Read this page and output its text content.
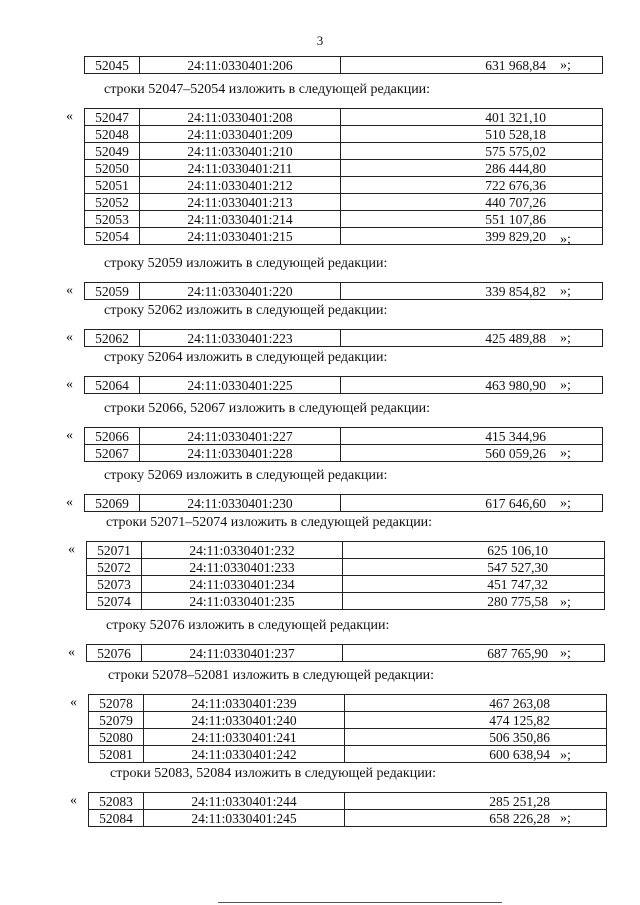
3
52045	24:11:0330401:206	631 968,84 »;
строки 52047–52054 изложить в следующей редакции:
52047	24:11:0330401:208	401 321,10
52048	24:11:0330401:209	510 528,18
52049	24:11:0330401:210	575 575,02
52050	24:11:0330401:211	286 444,80
52051	24:11:0330401:212	722 676,36
52052	24:11:0330401:213	440 707,26
52053	24:11:0330401:214	551 107,86
52054	24:11:0330401:215	399 829,20
«
»;
строку 52059 изложить в следующей редакции:
52059	24:11:0330401:220	339 854,82
«	»;
строку 52062 изложить в следующей редакции:
52062	24:11:0330401:223	425 489,88
«	»;
строку 52064 изложить в следующей редакции:
52064	24:11:0330401:225	463 980,90
«	»;
строки 52066, 52067 изложить в следующей редакции:
52066	24:11:0330401:227	415 344,96
52067	24:11:0330401:228	560 059,26
«
»;
строку 52069 изложить в следующей редакции:
52069	24:11:0330401:230	617 646,60
«	»;
строки 52071–52074 изложить в следующей редакции:
52071	24:11:0330401:232	625 106,10
52072	24:11:0330401:233	547 527,30
52073	24:11:0330401:234	451 747,32
52074	24:11:0330401:235	280 775,58
«
»;
строку 52076 изложить в следующей редакции:
52076	24:11:0330401:237	687 765,90
«	»;
строки 52078–52081 изложить в следующей редакции:
52078	24:11:0330401:239	467 263,08
52079	24:11:0330401:240	474 125,82
52080	24:11:0330401:241	506 350,86
52081	24:11:0330401:242	600 638,94
«
»;
строки 52083, 52084 изложить в следующей редакции:
52083	24:11:0330401:244	285 251,28
52084	24:11:0330401:245	658 226,28
«
»;
